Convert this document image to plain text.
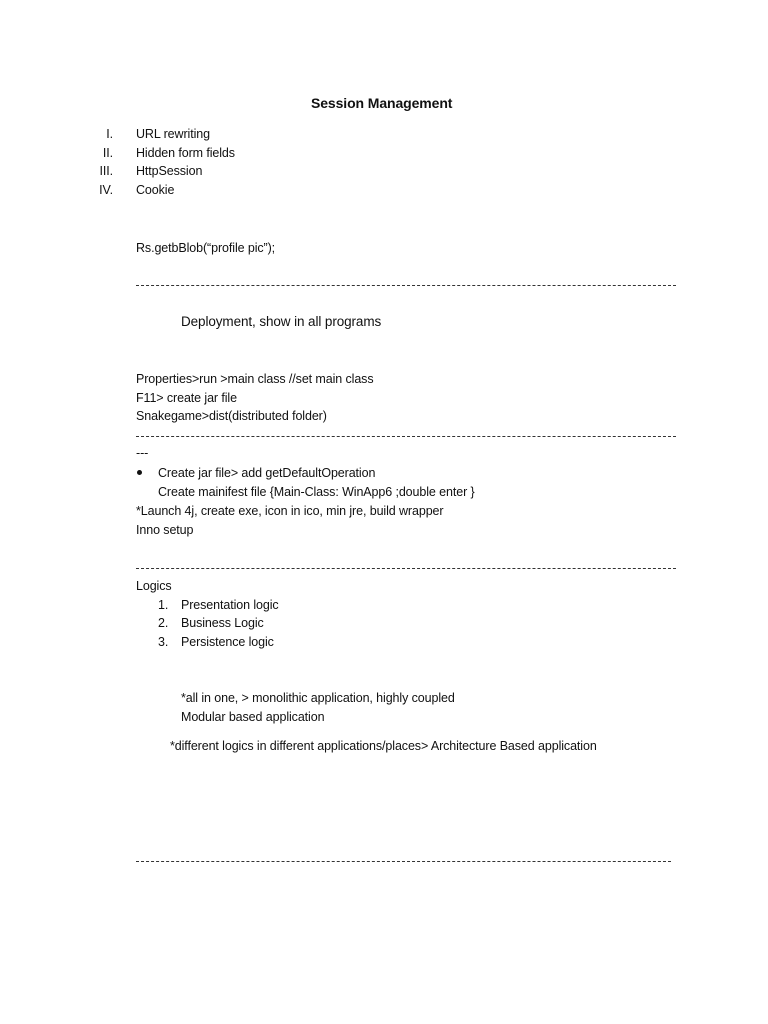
Session Management
I. URL rewriting
II. Hidden form fields
III. HttpSession
IV. Cookie
Rs.getbBlob(“profile pic”);
Deployment, show in all programs
Properties>run >main class //set main class
F11> create jar file
Snakegame>dist(distributed folder)
---
Create jar file> add getDefaultOperation
Create mainifest file {Main-Class: WinApp6 ;double enter }
*Launch 4j, create exe, icon in ico, min jre, build wrapper
Inno setup
Logics
1. Presentation logic
2. Business Logic
3. Persistence logic
*all in one, > monolithic application, highly coupled
Modular based application
*different logics in different applications/places> Architecture Based application
